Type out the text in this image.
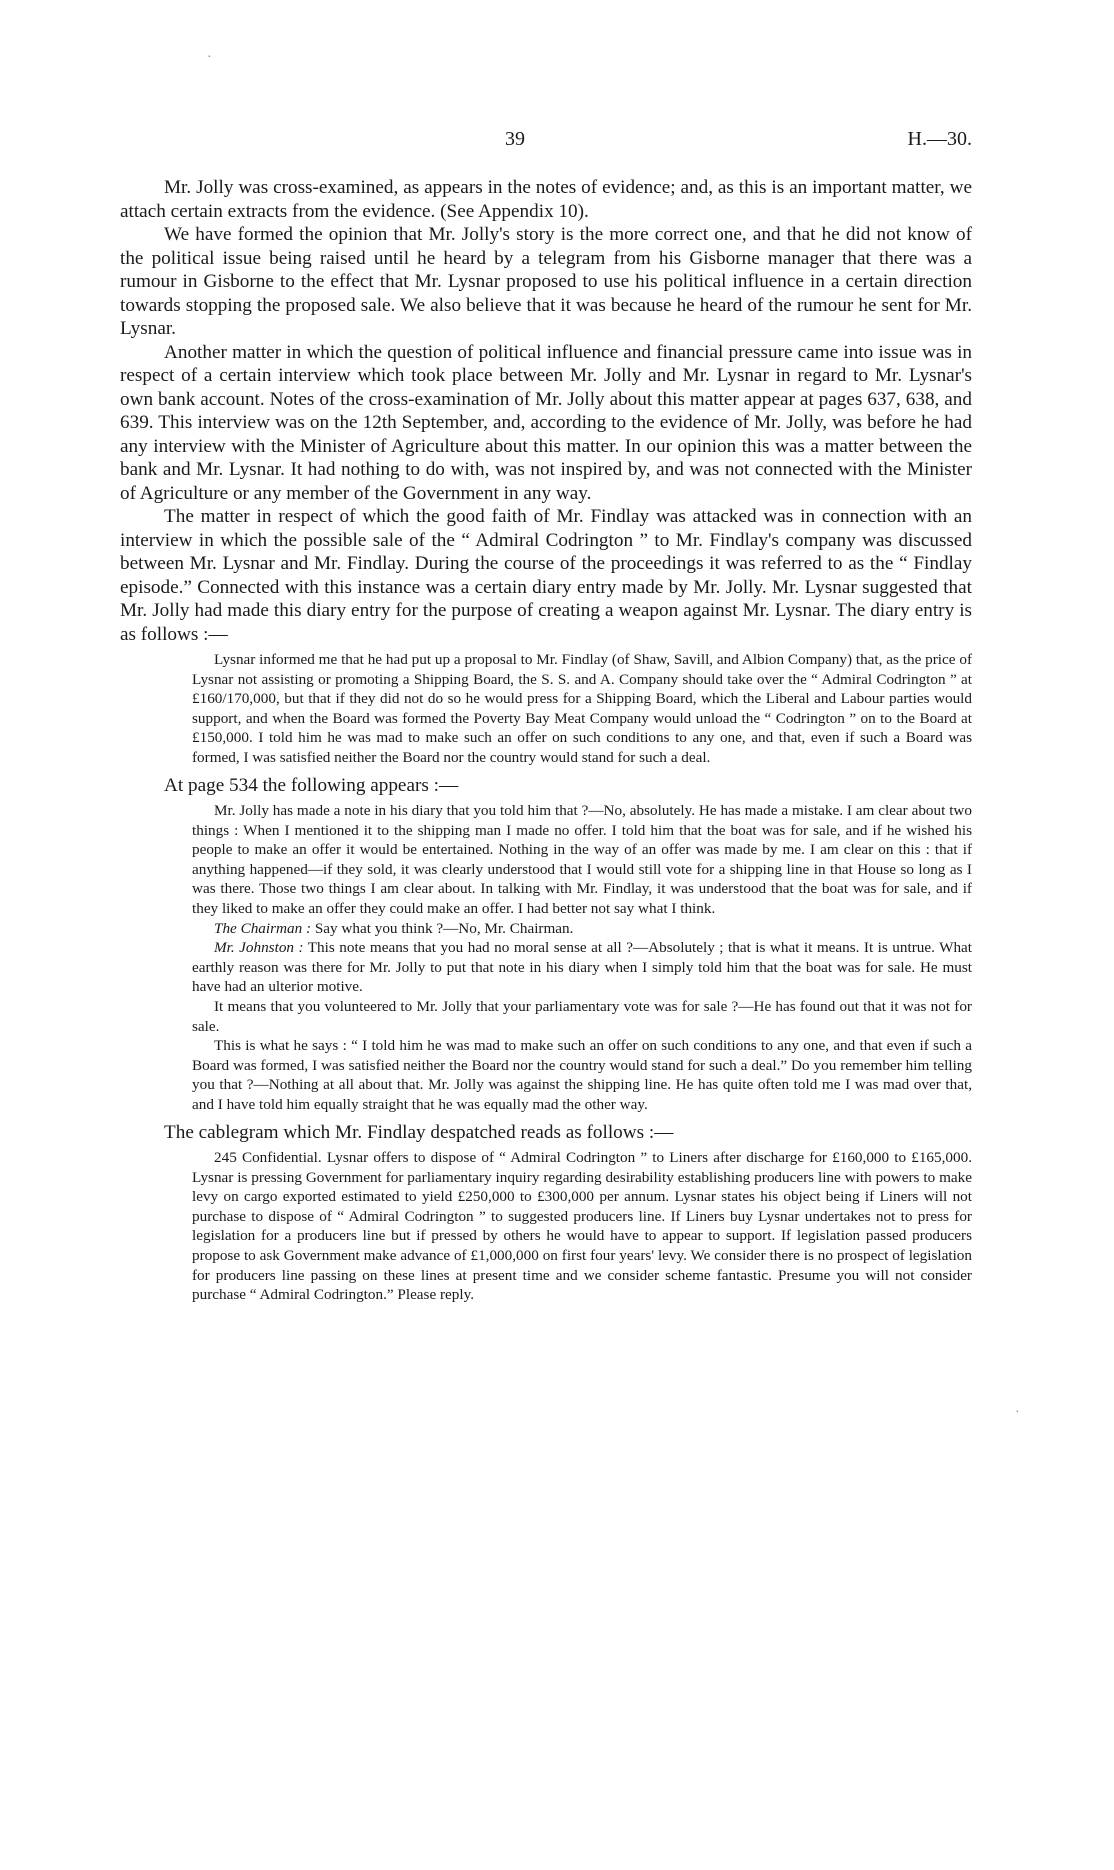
·
·
39	H.—30.

Mr. Jolly was cross-examined, as appears in the notes of evidence; and, as this is an important matter, we attach certain extracts from the evidence. (See Appendix 10).

We have formed the opinion that Mr. Jolly's story is the more correct one, and that he did not know of the political issue being raised until he heard by a telegram from his Gisborne manager that there was a rumour in Gisborne to the effect that Mr. Lysnar proposed to use his political influence in a certain direction towards stopping the proposed sale. We also believe that it was because he heard of the rumour he sent for Mr. Lysnar.

Another matter in which the question of political influence and financial pressure came into issue was in respect of a certain interview which took place between Mr. Jolly and Mr. Lysnar in regard to Mr. Lysnar's own bank account. Notes of the cross-examination of Mr. Jolly about this matter appear at pages 637, 638, and 639. This interview was on the 12th September, and, according to the evidence of Mr. Jolly, was before he had any interview with the Minister of Agriculture about this matter. In our opinion this was a matter between the bank and Mr. Lysnar. It had nothing to do with, was not inspired by, and was not connected with the Minister of Agriculture or any member of the Government in any way.

The matter in respect of which the good faith of Mr. Findlay was attacked was in connection with an interview in which the possible sale of the “ Admiral Codrington ” to Mr. Findlay's company was discussed between Mr. Lysnar and Mr. Findlay. During the course of the proceedings it was referred to as the “ Findlay episode.” Connected with this instance was a certain diary entry made by Mr. Jolly. Mr. Lysnar suggested that Mr. Jolly had made this diary entry for the purpose of creating a weapon against Mr. Lysnar. The diary entry is as follows :—

Lysnar informed me that he had put up a proposal to Mr. Findlay (of Shaw, Savill, and Albion Company) that, as the price of Lysnar not assisting or promoting a Shipping Board, the S. S. and A. Company should take over the “ Admiral Codrington ” at £160/170,000, but that if they did not do so he would press for a Shipping Board, which the Liberal and Labour parties would support, and when the Board was formed the Poverty Bay Meat Company would unload the “ Codrington ” on to the Board at £150,000. I told him he was mad to make such an offer on such conditions to any one, and that, even if such a Board was formed, I was satisfied neither the Board nor the country would stand for such a deal.

At page 534 the following appears :—

Mr. Jolly has made a note in his diary that you told him that ?—No, absolutely. He has made a mistake. I am clear about two things : When I mentioned it to the shipping man I made no offer. I told him that the boat was for sale, and if he wished his people to make an offer it would be entertained. Nothing in the way of an offer was made by me. I am clear on this : that if anything happened—if they sold, it was clearly understood that I would still vote for a shipping line in that House so long as I was there. Those two things I am clear about. In talking with Mr. Findlay, it was understood that the boat was for sale, and if they liked to make an offer they could make an offer. I had better not say what I think.

The Chairman : Say what you think ?—No, Mr. Chairman.

Mr. Johnston : This note means that you had no moral sense at all ?—Absolutely ; that is what it means. It is untrue. What earthly reason was there for Mr. Jolly to put that note in his diary when I simply told him that the boat was for sale. He must have had an ulterior motive.

It means that you volunteered to Mr. Jolly that your parliamentary vote was for sale ?—He has found out that it was not for sale.

This is what he says : “ I told him he was mad to make such an offer on such conditions to any one, and that even if such a Board was formed, I was satisfied neither the Board nor the country would stand for such a deal.” Do you remember him telling you that ?—Nothing at all about that. Mr. Jolly was against the shipping line. He has quite often told me I was mad over that, and I have told him equally straight that he was equally mad the other way.

The cablegram which Mr. Findlay despatched reads as follows :—

245 Confidential. Lysnar offers to dispose of “ Admiral Codrington ” to Liners after discharge for £160,000 to £165,000. Lysnar is pressing Government for parliamentary inquiry regarding desirability establishing producers line with powers to make levy on cargo exported estimated to yield £250,000 to £300,000 per annum. Lysnar states his object being if Liners will not purchase to dispose of “ Admiral Codrington ” to suggested producers line. If Liners buy Lysnar undertakes not to press for legislation for a producers line but if pressed by others he would have to appear to support. If legislation passed producers propose to ask Government make advance of £1,000,000 on first four years' levy. We consider there is no prospect of legislation for producers line passing on these lines at present time and we consider scheme fantastic. Presume you will not consider purchase “ Admiral Codrington.” Please reply.
